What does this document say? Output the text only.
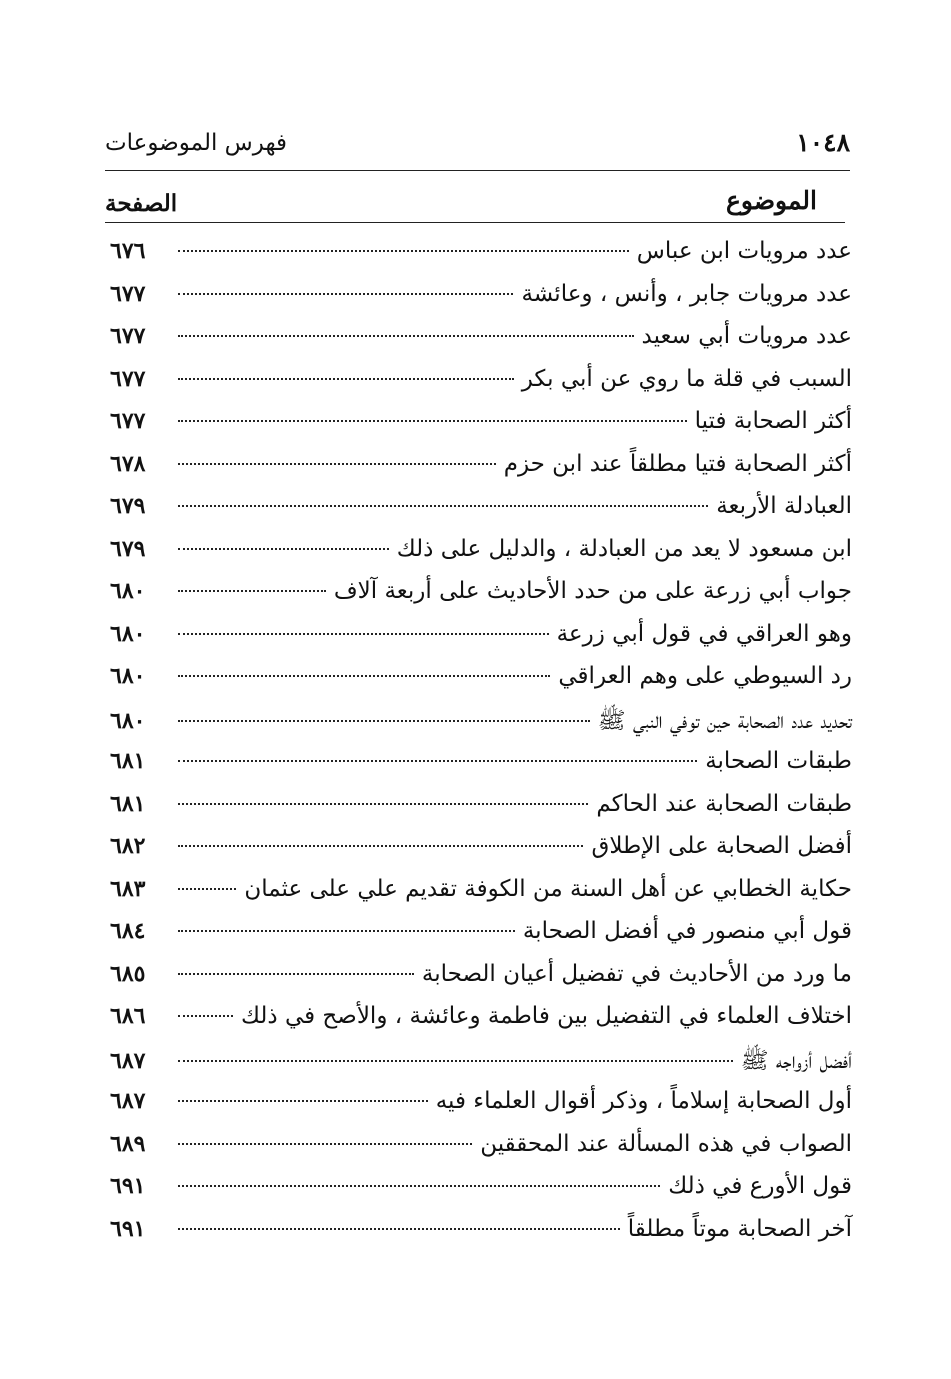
١٠٤٨
فهرس الموضوعات
الموضوع
الصفحة
عدد مرويات ابن عباس
٦٧٦
عدد مرويات جابر ، وأنس ، وعائشة
٦٧٧
عدد مرويات أبي سعيد
٦٧٧
السبب في قلة ما روي عن أبي بكر
٦٧٧
أكثر الصحابة فتيا
٦٧٧
أكثر الصحابة فتيا مطلقاً عند ابن حزم
٦٧٨
العبادلة الأربعة
٦٧٩
ابن مسعود لا يعد من العبادلة ، والدليل على ذلك
٦٧٩
جواب أبي زرعة على من حدد الأحاديث على أربعة آلاف
٦٨٠
وهو العراقي في قول أبي زرعة
٦٨٠
رد السيوطي على وهم العراقي
٦٨٠
تحديد عدد الصحابة حين توفي النبي ﷺ
٦٨٠
طبقات الصحابة
٦٨١
طبقات الصحابة عند الحاكم
٦٨١
أفضل الصحابة على الإطلاق
٦٨٢
حكاية الخطابي عن أهل السنة من الكوفة تقديم علي على عثمان
٦٨٣
قول أبي منصور في أفضل الصحابة
٦٨٤
ما ورد من الأحاديث في تفضيل أعيان الصحابة
٦٨٥
اختلاف العلماء في التفضيل بين فاطمة وعائشة ، والأصح في ذلك
٦٨٦
أفضل أزواجه ﷺ
٦٨٧
أول الصحابة إسلاماً ، وذكر أقوال العلماء فيه
٦٨٧
الصواب في هذه المسألة عند المحققين
٦٨٩
قول الأورع في ذلك
٦٩١
آخر الصحابة موتاً مطلقاً
٦٩١
